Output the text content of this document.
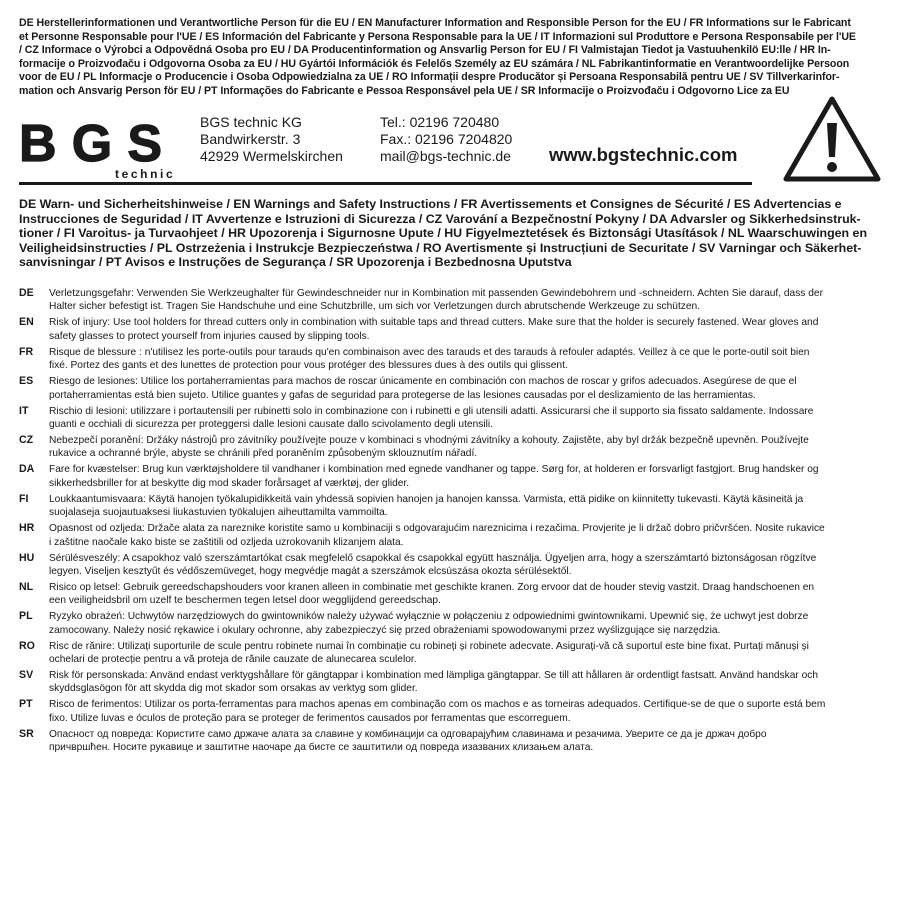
DE Herstellerinformationen und Verantwortliche Person für die EU / EN Manufacturer Information and Responsible Person for the EU / FR Informations sur le Fabricant
et Personne Responsable pour l'UE / ES Información del Fabricante y Persona Responsable para la UE / IT Informazioni sul Produttore e Persona Responsabile per l'UE
/ CZ Informace o Výrobci a Odpovědná Osoba pro EU / DA Producentinformation og Ansvarlig Person for EU / FI Valmistajan Tiedot ja Vastuuhenkilö EU:lle / HR In-
formacije o Proizvođaču i Odgovorna Osoba za EU / HU Gyártói Információk és Felelős Személy az EU számára / NL Fabrikantinformatie en Verantwoordelijke Persoon
voor de EU / PL Informacje o Producencie i Osoba Odpowiedzialna za UE / RO Informații despre Producător și Persoana Responsabilă pentru UE / SV Tillverkarinfor-
mation och Ansvarig Person för EU / PT Informações do Fabricante e Pessoa Responsável pela UE / SR Informacije o Proizvođaču i Odgovorno Lice za EU
BGS
technic
BGS technic KG
Bandwirkerstr. 3
42929 Wermelskirchen
Tel.: 02196 720480
Fax.: 02196 7204820
mail@bgs-technic.de www.bgstechnic.com
DE Warn- und Sicherheitshinweise / EN Warnings and Safety Instructions / FR Avertissements et Consignes de Sécurité / ES Advertencias e
Instrucciones de Seguridad / IT Avvertenze e Istruzioni di Sicurezza / CZ Varování a Bezpečnostní Pokyny / DA Advarsler og Sikkerhedsinstruk-
tioner / FI Varoitus- ja Turvaohjeet / HR Upozorenja i Sigurnosne Upute / HU Figyelmeztetések és Biztonsági Utasítások / NL Waarschuwingen en
Veiligheidsinstructies / PL Ostrzeżenia i Instrukcje Bezpieczeństwa / RO Avertismente și Instrucțiuni de Securitate / SV Varningar och Säkerhet-
sanvisningar / PT Avisos e Instruções de Segurança / SR Upozorenja i Bezbednosna Uputstva
DE	Verletzungsgefahr: Verwenden Sie Werkzeughalter für Gewindeschneider nur in Kombination mit passenden Gewindebohrern und -schneidern. Achten Sie darauf, dass der
Halter sicher befestigt ist. Tragen Sie Handschuhe und eine Schutzbrille, um sich vor Verletzungen durch abrutschende Werkzeuge zu schützen.
EN	Risk of injury: Use tool holders for thread cutters only in combination with suitable taps and thread cutters. Make sure that the holder is securely fastened. Wear gloves and
safety glasses to protect yourself from injuries caused by slipping tools.
FR	Risque de blessure : n'utilisez les porte-outils pour tarauds qu'en combinaison avec des tarauds et des tarauds à refouler adaptés. Veillez à ce que le porte-outil soit bien
fixé. Portez des gants et des lunettes de protection pour vous protéger des blessures dues à des outils qui glissent.
ES	Riesgo de lesiones: Utilice los portaherramientas para machos de roscar únicamente en combinación con machos de roscar y grifos adecuados. Asegúrese de que el
portaherramientas está bien sujeto. Utilice guantes y gafas de seguridad para protegerse de las lesiones causadas por el deslizamiento de las herramientas.
IT	Rischio di lesioni: utilizzare i portautensili per rubinetti solo in combinazione con i rubinetti e gli utensili adatti. Assicurarsi che il supporto sia fissato saldamente. Indossare
guanti e occhiali di sicurezza per proteggersi dalle lesioni causate dallo scivolamento degli utensili.
CZ	Nebezpečí poranění: Držáky nástrojů pro závitníky používejte pouze v kombinaci s vhodnými závitníky a kohouty. Zajistěte, aby byl držák bezpečně upevněn. Používejte
rukavice a ochranné brýle, abyste se chránili před poraněním způsobeným sklouznutím nářadí.
DA	Fare for kvæstelser: Brug kun værktøjsholdere til vandhaner i kombination med egnede vandhaner og tappe. Sørg for, at holderen er forsvarligt fastgjort. Brug handsker og
sikkerhedsbriller for at beskytte dig mod skader forårsaget af værktøj, der glider.
FI	Loukkaantumisvaara: Käytä hanojen työkalupidikkeitä vain yhdessä sopivien hanojen ja hanojen kanssa. Varmista, että pidike on kiinnitetty tukevasti. Käytä käsineitä ja
suojalaseja suojautuaksesi liukastuvien työkalujen aiheuttamilta vammoilta.
HR	Opasnost od ozljeda: Držače alata za nareznike koristite samo u kombinaciji s odgovarajućim nareznicima i rezačima. Provjerite je li držač dobro pričvršćen. Nosite rukavice
i zaštitne naočale kako biste se zaštitili od ozljeda uzrokovanih klizanjem alata.
HU	Sérülésveszély: A csapokhoz való szerszámtartókat csak megfelelő csapokkal és csapokkal együtt használja. Ügyeljen arra, hogy a szerszámtartó biztonságosan rögzítve
legyen. Viseljen kesztyűt és védőszemüveget, hogy megvédje magát a szerszámok elcsúszása okozta sérülésektől.
NL	Risico op letsel: Gebruik gereedschapshouders voor kranen alleen in combinatie met geschikte kranen. Zorg ervoor dat de houder stevig vastzit. Draag handschoenen en
een veiligheidsbril om uzelf te beschermen tegen letsel door wegglijdend gereedschap.
PL	Ryzyko obrażeń: Uchwytów narzędziowych do gwintowników należy używać wyłącznie w połączeniu z odpowiednimi gwintownikami. Upewnić się, że uchwyt jest dobrze
zamocowany. Należy nosić rękawice i okulary ochronne, aby zabezpieczyć się przed obrażeniami spowodowanymi przez wyślizgujące się narzędzia.
RO	Risc de rănire: Utilizați suporturile de scule pentru robinete numai în combinație cu robineți și robinete adecvate. Asigurați-vă că suportul este bine fixat. Purtați mănuși și
ochelari de protecție pentru a vă proteja de rănile cauzate de alunecarea sculelor.
SV	Risk för personskada: Använd endast verktygshållare för gängtappar i kombination med lämpliga gängtappar. Se till att hållaren är ordentligt fastsatt. Använd handskar och
skyddsglasögon för att skydda dig mot skador som orsakas av verktyg som glider.
PT	Risco de ferimentos: Utilizar os porta-ferramentas para machos apenas em combinação com os machos e as torneiras adequados. Certifique-se de que o suporte está bem
fixo. Utilize luvas e óculos de proteção para se proteger de ferimentos causados por ferramentas que escorreguem.
SR	Опасност од повреда: Користите само држаче алата за славине у комбинацији са одговарајућим славинама и резачима. Уверите се да је држач добро
причвршћен. Носите рукавице и заштитне наочаре да бисте се заштитили од повреда изазваних клизањем алата.
